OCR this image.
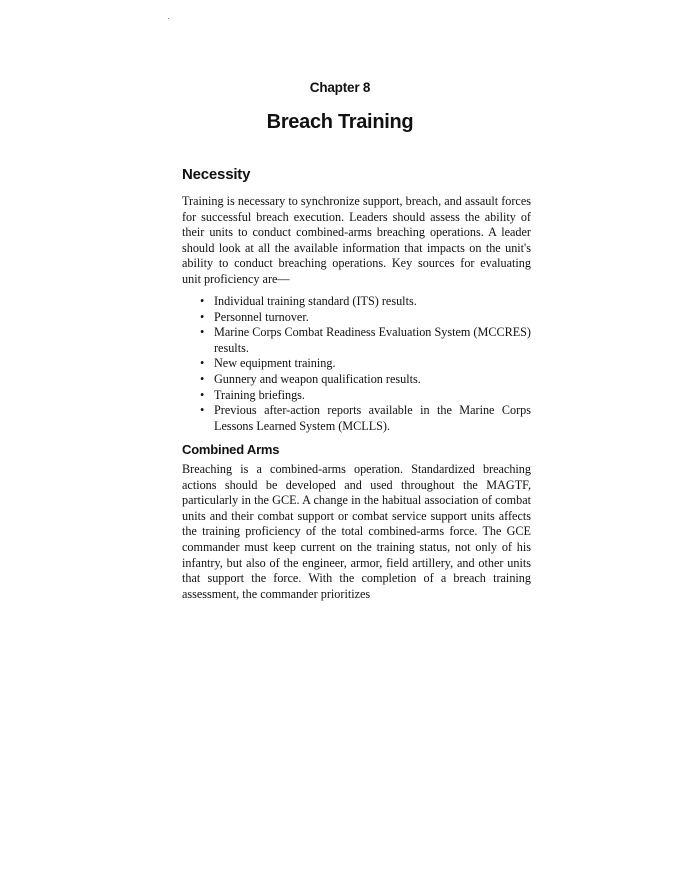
Chapter 8
Breach Training
Necessity
Training is necessary to synchronize support, breach, and assault forces for successful breach execution. Leaders should assess the ability of their units to conduct combined-arms breaching operations. A leader should look at all the available information that impacts on the unit's ability to conduct breaching operations. Key sources for evaluating unit proficiency are—
• Individual training standard (ITS) results.
• Personnel turnover.
• Marine Corps Combat Readiness Evaluation System (MCCRES) results.
• New equipment training.
• Gunnery and weapon qualification results.
• Training briefings.
• Previous after-action reports available in the Marine Corps Lessons Learned System (MCLLS).
Combined Arms
Breaching is a combined-arms operation. Standardized breaching actions should be developed and used throughout the MAGTF, particularly in the GCE. A change in the habitual association of combat units and their combat support or combat service support units affects the training proficiency of the total combined-arms force. The GCE commander must keep current on the training status, not only of his infantry, but also of the engineer, armor, field artillery, and other units that support the force. With the completion of a breach training assessment, the commander prioritizes
